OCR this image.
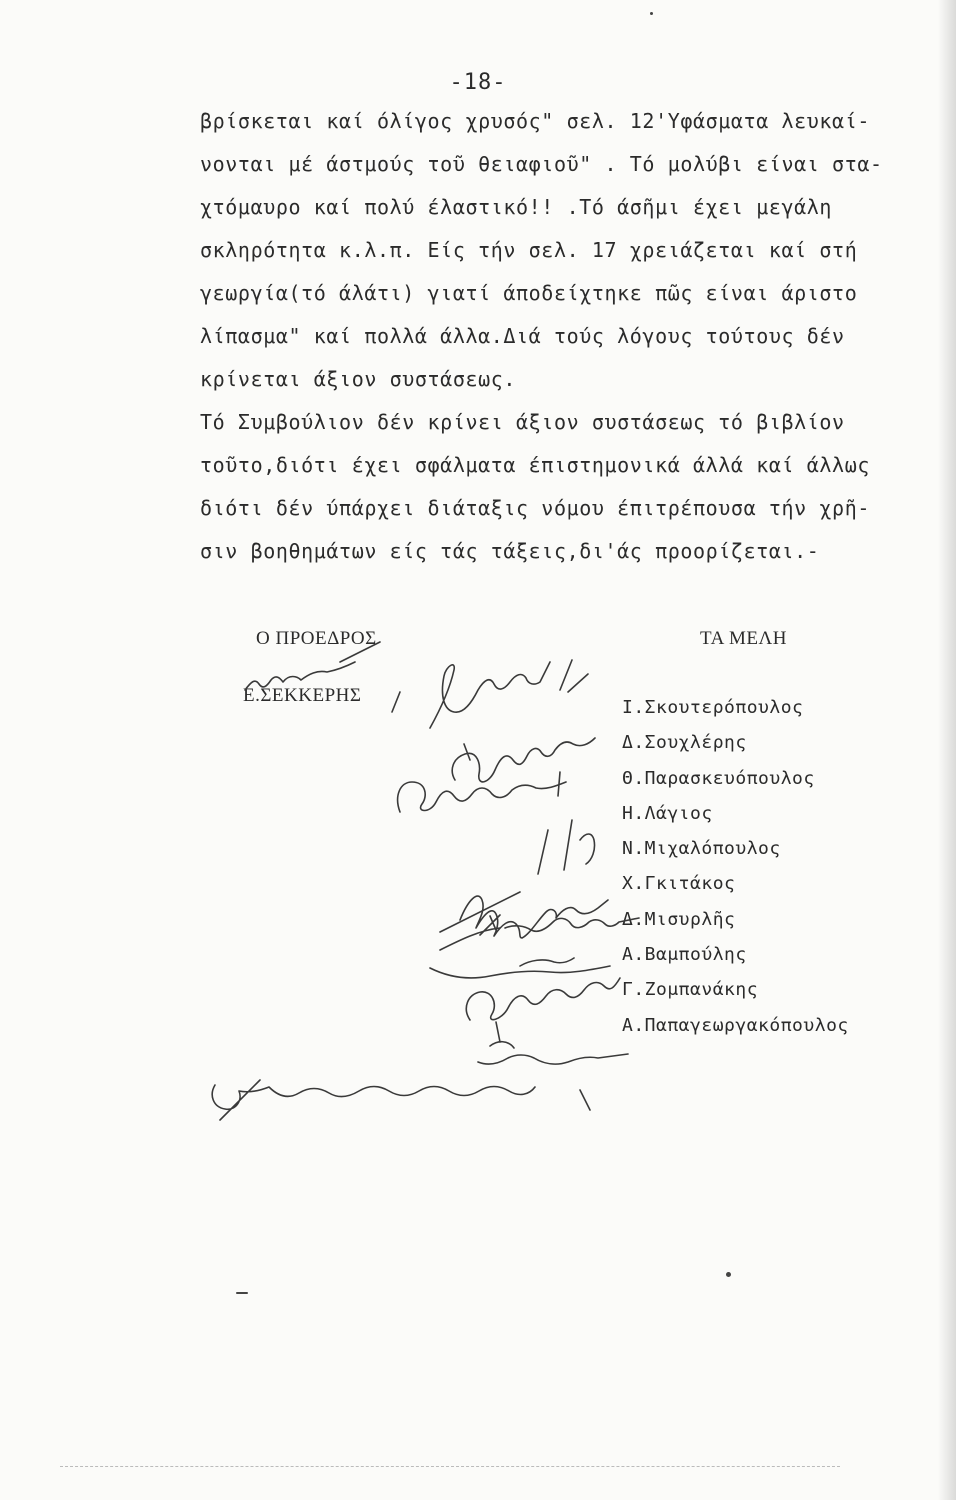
-18-
βρίσκεται καί όλίγος χρυσός" σελ. 12'Υφάσματα λευκαί-
νονται μέ άστμούς τοῦ θειαφιοῦ" . Τό μολύβι είναι στα-
χτόμαυρο καί πολύ έλαστικό!! .Τό άσῆμι έχει μεγάλη
σκληρότητα κ.λ.π. Είς τήν σελ. 17 χρειάζεται καί στή
γεωργία(τό άλάτι) γιατί άποδείχτηκε πῶς είναι άριστο
λίπασμα" καί πολλά άλλα.Διά τούς λόγους τούτους δέν
κρίνεται άξιον συστάσεως.
Τό Συμβούλιον δέν κρίνει άξιον συστάσεως τό βιβλίον
τοῦτο,διότι έχει σφάλματα έπιστημονικά άλλά καί άλλως
διότι δέν ύπάρχει διάταξις νόμου έπιτρέπουσα τήν χρῆ-
σιν βοηθημάτων είς τάς τάξεις,δι'άς προορίζεται.-
Ο ΠΡΟΕΔΡΟΣ	ΤΑ ΜΕΛΗ
Ε.ΣΕΚΚΕΡΗΣ
Ι.Σκουτερόπουλος
Δ.Σουχλέρης
Θ.Παρασκευόπουλος
Η.Λάγιος
Ν.Μιχαλόπουλος
Χ.Γκιτάκος
Δ.Μισυρλῆς
Α.Βαμπούλης
Γ.Ζομπανάκης
Α.Παπαγεωργακόπουλος
